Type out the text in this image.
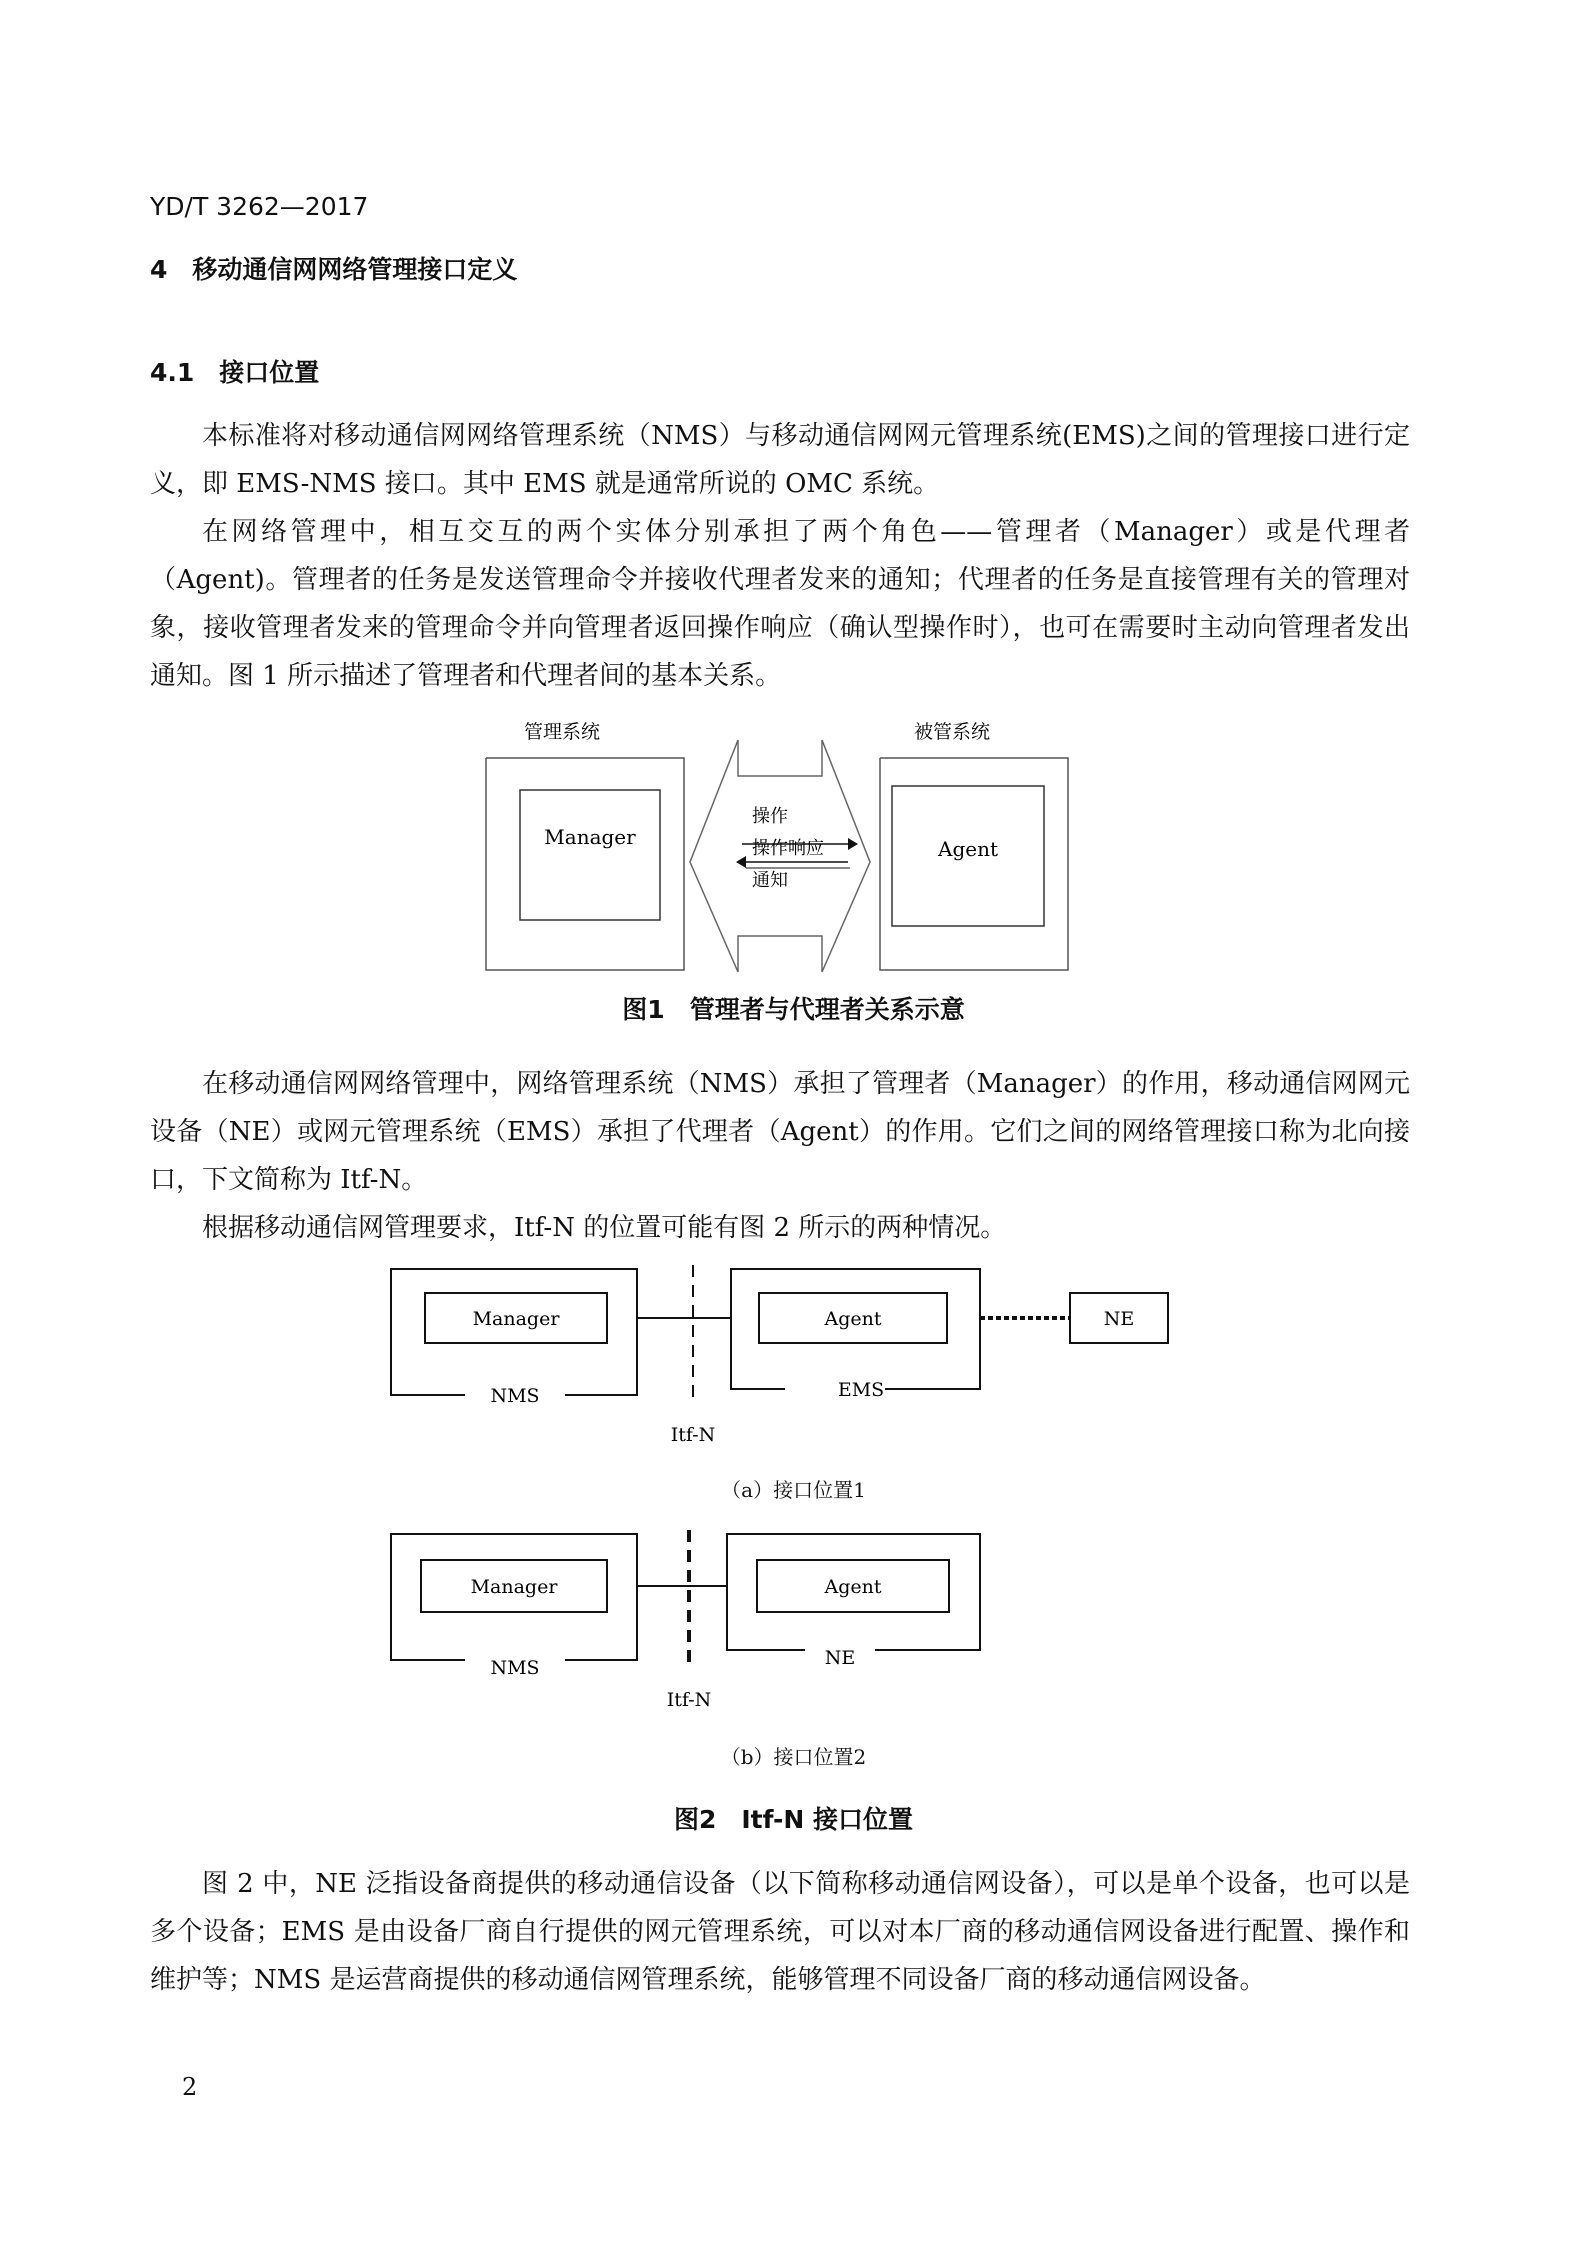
YD/T 3262—2017
4　移动通信网网络管理接口定义
4.1　接口位置
本标准将对移动通信网网络管理系统（NMS）与移动通信网网元管理系统(EMS)之间的管理接口进行定义，即 EMS-NMS 接口。其中 EMS 就是通常所说的 OMC 系统。
在网络管理中，相互交互的两个实体分别承担了两个角色——管理者（Manager）或是代理者（Agent)。管理者的任务是发送管理命令并接收代理者发来的通知；代理者的任务是直接管理有关的管理对象，接收管理者发来的管理命令并向管理者返回操作响应（确认型操作时），也可在需要时主动向管理者发出通知。图 1 所示描述了管理者和代理者间的基本关系。
管理系统	被管系统
Manager
操作
操作响应
通知
Agent
图1　管理者与代理者关系示意
在移动通信网网络管理中，网络管理系统（NMS）承担了管理者（Manager）的作用，移动通信网网元设备（NE）或网元管理系统（EMS）承担了代理者（Agent）的作用。它们之间的网络管理接口称为北向接口，下文简称为 Itf-N。
根据移动通信网管理要求，Itf-N 的位置可能有图 2 所示的两种情况。
NMS
Manager
Itf-N
EMS
Agent	NE
（a）接口位置1
NMS
Manager
Itf-N
NE
Agent
（b）接口位置2
图2　Itf-N 接口位置
图 2 中，NE 泛指设备商提供的移动通信设备（以下简称移动通信网设备），可以是单个设备，也可以是多个设备；EMS 是由设备厂商自行提供的网元管理系统，可以对本厂商的移动通信网设备进行配置、操作和维护等；NMS 是运营商提供的移动通信网管理系统，能够管理不同设备厂商的移动通信网设备。
2
